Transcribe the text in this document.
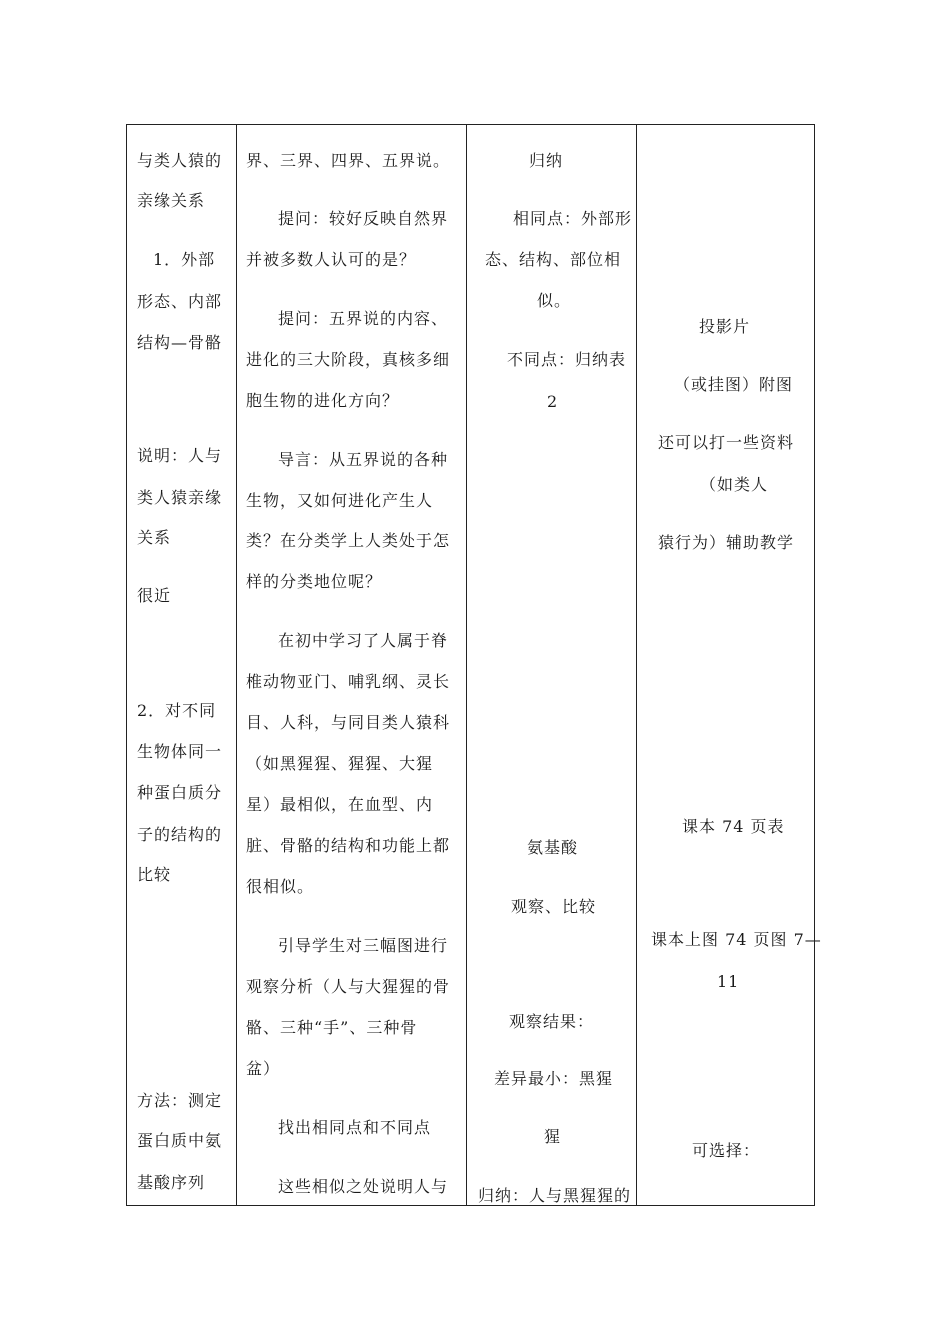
与类人猿的
亲缘关系
1．外部
形态、内部
结构—骨骼
说明：人与
类人猿亲缘
关系
很近
2．对不同
生物体同一
种蛋白质分
子的结构的
比较
方法：测定
蛋白质中氨
基酸序列
界、三界、四界、五界说。
提问：较好反映自然界
并被多数人认可的是？
提问：五界说的内容、
进化的三大阶段，真核多细
胞生物的进化方向？
导言：从五界说的各种
生物，又如何进化产生人
类？在分类学上人类处于怎
样的分类地位呢？
在初中学习了人属于脊
椎动物亚门、哺乳纲、灵长
目、人科，与同目类人猿科
（如黑猩猩、猩猩、大猩
星）最相似，在血型、内
脏、骨骼的结构和功能上都
很相似。
引导学生对三幅图进行
观察分析（人与大猩猩的骨
骼、三种“手”、三种骨
盆）
找出相同点和不同点
这些相似之处说明人与
归纳
相同点：外部形
态、结构、部位相
似。
不同点：归纳表
2
氨基酸
观察、比较
观察结果：
差异最小：黑猩
猩
归纳：人与黑猩猩的
投影片
（或挂图）附图
还可以打一些资料
（如类人
猿行为）辅助教学
课本 74 页表
课本上图 74 页图 7—
11
可选择：
